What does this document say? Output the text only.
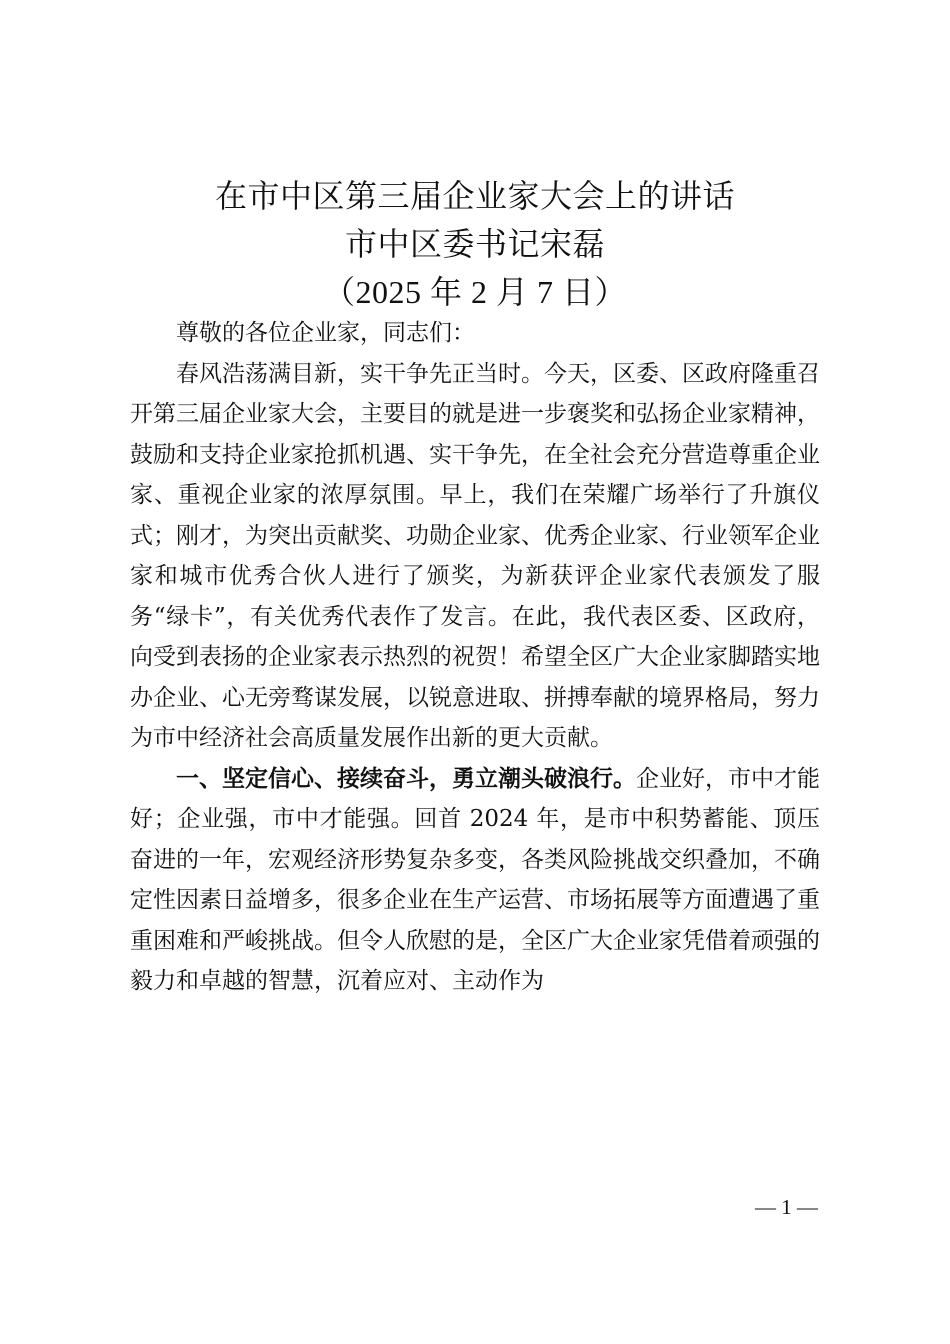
在市中区第三届企业家大会上的讲话
市中区委书记宋磊
（2025 年 2 月 7 日）

尊敬的各位企业家，同志们：

春风浩荡满目新，实干争先正当时。今天，区委、区政府隆重召开第三届企业家大会，主要目的就是进一步褒奖和弘扬企业家精神，鼓励和支持企业家抢抓机遇、实干争先，在全社会充分营造尊重企业家、重视企业家的浓厚氛围。早上，我们在荣耀广场举行了升旗仪式；刚才，为突出贡献奖、功勋企业家、优秀企业家、行业领军企业家和城市优秀合伙人进行了颁奖，为新获评企业家代表颁发了服务“绿卡”，有关优秀代表作了发言。在此，我代表区委、区政府，向受到表扬的企业家表示热烈的祝贺！希望全区广大企业家脚踏实地办企业、心无旁骛谋发展，以锐意进取、拼搏奉献的境界格局，努力为市中经济社会高质量发展作出新的更大贡献。

一、坚定信心、接续奋斗，勇立潮头破浪行。企业好，市中才能好；企业强，市中才能强。回首 2024 年，是市中积势蓄能、顶压奋进的一年，宏观经济形势复杂多变，各类风险挑战交织叠加，不确定性因素日益增多，很多企业在生产运营、市场拓展等方面遭遇了重重困难和严峻挑战。但令人欣慰的是，全区广大企业家凭借着顽强的毅力和卓越的智慧，沉着应对、主动作为

— 1 —
